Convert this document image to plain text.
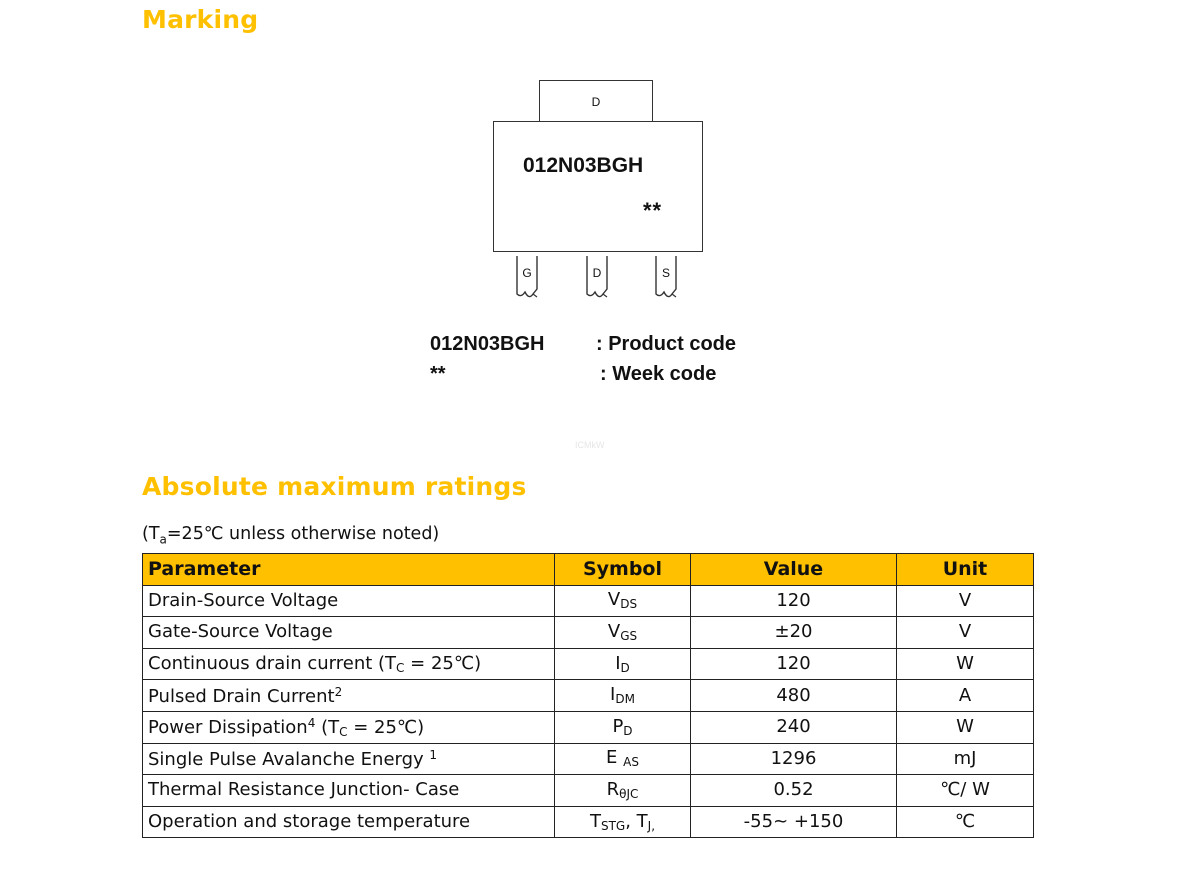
Marking
D
012N03BGH
**
G	D	S
012N03BGH	: Product code
**	: Week code
ICMkW
Absolute maximum ratings
($T_a=25℃$ unless otherwise noted)
Parameter	Symbol	Value	Unit
Drain-Source Voltage	$V_{DS}$	120	V
Gate-Source Voltage	$V_{GS}$	±20	V
Continuous drain current ($T_C$ = 25℃)	$I_D$	120	W
Pulsed Drain Current$^2$	$I_{DM}$	480	A
Power Dissipation$^4$ ($T_C$ = 25℃)	$P_D$	240	W
Single Pulse Avalanche Energy $^1$	E $_{AS}$	1296	mJ
Thermal Resistance Junction- Case	$R_{\theta JC}$	0.52	℃/ W
Operation and storage temperature	$T_{STG}$, $T_{J,}$	-55~ +150	℃
